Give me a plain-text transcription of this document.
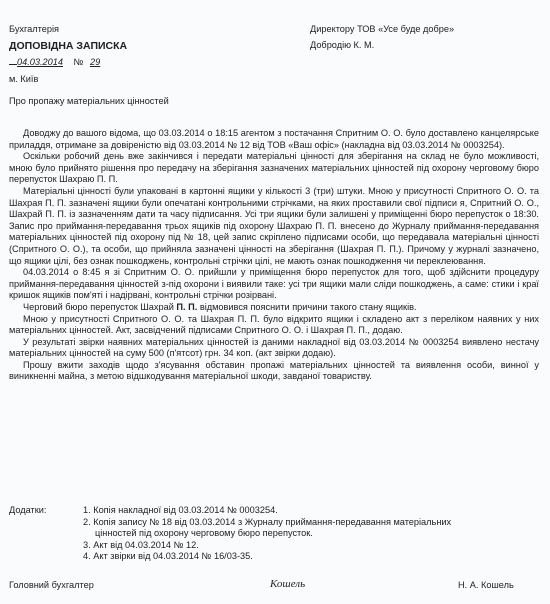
Бухгалтерія
ДОПОВІДНА ЗАПИСКА
04.03.2014 № 29
м. Київ
Про пропажу матеріальних цінностей
Директору ТОВ «Усе буде добре»
Добродію К. М.

Доводжу до вашого відома, що 03.03.2014 о 18:15 агентом з постачання Спритним О. О. було доставлено канцелярське приладдя, отримане за довіреністю від 03.03.2014 № 12 від ТОВ «Ваш офіс» (накладна від 03.03.2014 № 0003254).

Оскільки робочий день вже закінчився і передати матеріальні цінності для зберігання на склад не було можливості, мною було прийнято рішення про передачу на зберігання зазначених матеріальних цінностей під охорону черговому бюро перепусток Шахраю П. П.

Матеріальні цінності були упаковані в картонні ящики у кількості 3 (три) штуки. Мною у присутності Спритного О. О. та Шахрая П. П. зазначені ящики були опечатані контрольними стрічками, на яких проставили свої підписи я, Спритний О. О., Шахрай П. П. із зазначенням дати та часу підписання. Усі три ящики були залишені у приміщенні бюро перепусток о 18:30. Запис про приймання-передавання трьох ящиків під охорону Шахраю П. П. внесено до Журналу приймання-передавання матеріальних цінностей під охорону під № 18, цей запис скріплено підписами особи, що передавала матеріальні цінності (Спритного О. О.), та особи, що прийняла зазначені цінності на зберігання (Шахрая П. П.). Причому у журналі зазначено, що ящики цілі, без ознак пошкоджень, контрольні стрічки цілі, не мають ознак пошкодження чи переклеювання.

04.03.2014 о 8:45 я зі Спритним О. О. прийшли у приміщення бюро перепусток для того, щоб здійснити процедуру приймання-передавання цінностей з-під охорони і виявили таке: усі три ящики мали сліди пошкоджень, а саме: стики і краї кришок ящиків пом'яті і надірвані, контрольні стрічки розірвані.

Черговий бюро перепусток Шахрай П. П. відмовився пояснити причини такого стану ящиків.

Мною у присутності Спритного О. О. та Шахрая П. П. було відкрито ящики і складено акт з переліком наявних у них матеріальних цінностей. Акт, засвідчений підписами Спритного О. О. і Шахрая П. П., додаю.

У результаті звірки наявних матеріальних цінностей із даними накладної від 03.03.2014 № 0003254 виявлено нестачу матеріальних цінностей на суму 500 (п'ятсот) грн. 34 коп. (акт звірки додаю).

Прошу вжити заходів щодо з'ясування обставин пропажі матеріальних цінностей та виявлення особи, винної у виникненні майна, з метою відшкодування матеріальної шкоди, завданої товариству.

Додатки:	1. Копія накладної від 03.03.2014 № 0003254.
2. Копія запису № 18 від 03.03.2014 з Журналу приймання-передавання матеріальних
цінностей під охорону черговому бюро перепусток.
3. Акт від 04.03.2014 № 12.
4. Акт звірки від 04.03.2014 № 16/03-35.
Головний бухгалтер	Кошель	Н. А. Кошель
